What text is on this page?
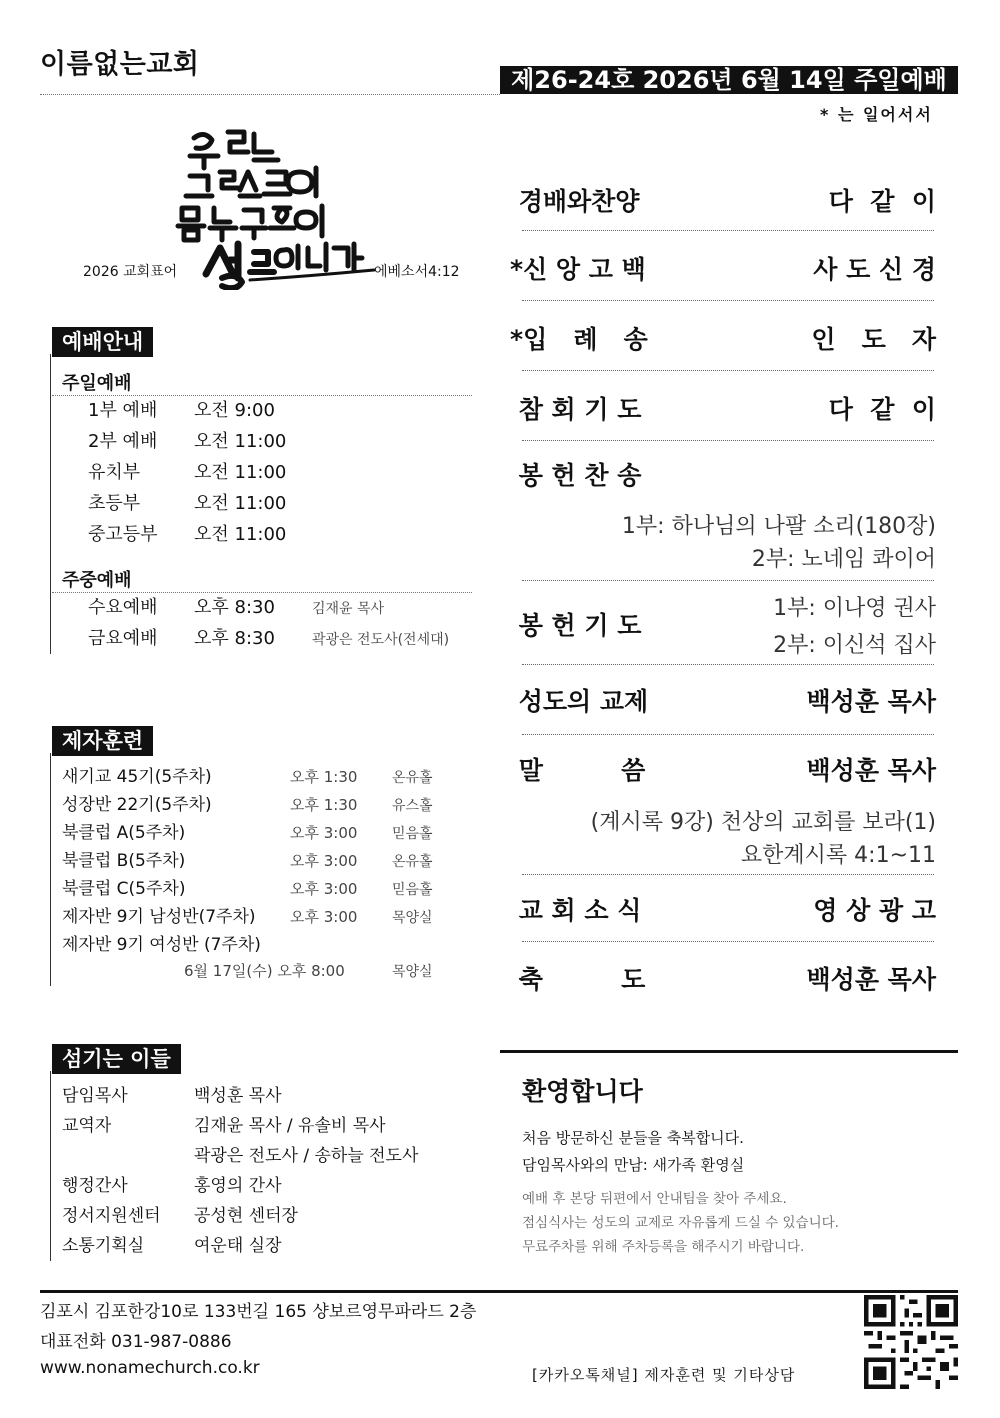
이름없는교회	제26-24호 2026년 6월 14일 주일예배
* 는 일어서서
2026 교회표어	에베소서4:12
예배안내
주일예배
1부 예배 오전 9:00
2부 예배 오전 11:00
유치부	오전 11:00
초등부	오전 11:00
중고등부 오전 11:00
주중예배
수요예배 오후 8:30	김재윤 목사
금요예배 오후 8:30	곽광은 전도사(전세대)
제자훈련
새기교 45기(5주차)	오후 1:30 온유홀
성장반 22기(5주차)	오후 1:30 유스홀
북클럽 A(5주차)	오후 3:00 믿음홀
북클럽 B(5주차)	오후 3:00 온유홀
북클럽 C(5주차)	오후 3:00 믿음홀
제자반 9기 남성반(7주차) 오후 3:00 목양실
제자반 9기 여성반 (7주차)
6월 17일(수) 오후 8:00	목양실
섬기는 이들
담임목사	백성훈 목사
교역자	김재윤 목사 / 유솔비 목사
곽광은 전도사 / 송하늘 전도사
행정간사	홍영의 간사
정서지원센터 공성현 센터장
소통기획실	여운태 실장
경배와찬양	다  같  이
*신 앙 고 백	사 도 신 경
*입   례   송	인   도   자
참 회 기 도	다  같  이
봉 헌 찬 송
1부: 하나님의 나팔 소리(180장)
2부: 노네임 콰이어
봉 헌 기 도
1부: 이나영 권사
2부: 이신석 집사
성도의 교제	백성훈 목사
말         씀	백성훈 목사
(계시록 9강) 천상의 교회를 보라(1)
요한계시록 4:1~11
교 회 소 식	영 상 광 고
축         도	백성훈 목사
환영합니다
처음 방문하신 분들을 축복합니다.
담임목사와의 만남: 새가족 환영실
예배 후 본당 뒤편에서 안내팀을 찾아 주세요.
점심식사는 성도의 교제로 자유롭게 드실 수 있습니다.
무료주차를 위해 주차등록을 해주시기 바랍니다.
김포시 김포한강10로 133번길 165 샹보르영무파라드 2층
대표전화 031-987-0886
www.nonamechurch.co.kr	[카카오톡채널] 제자훈련 및 기타상담
